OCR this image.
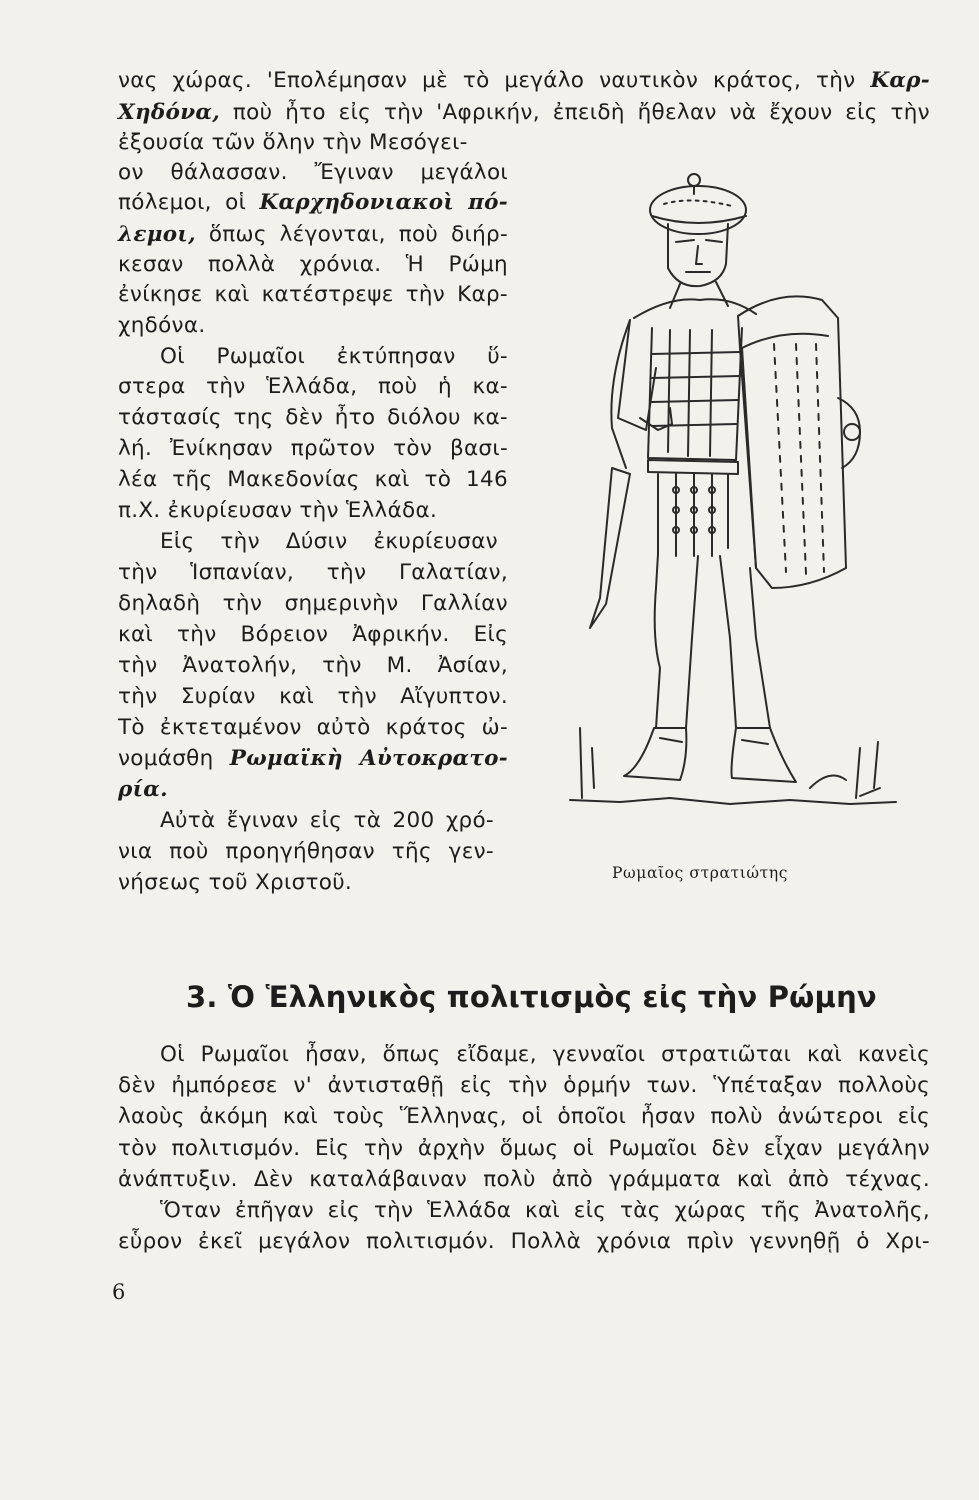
νας χώρας. 'Επολέμησαν μὲ τὸ μεγάλο ναυτικὸν κράτος, τὴν Καρ-
Χηδόνα, ποὺ ἦτο εἰς τὴν 'Αφρικήν, ἐπειδὴ ἤθελαν νὰ ἔχουν εἰς τὴν
ἐξουσία τῶν ὅλην τὴν Μεσόγει-
ον θάλασσαν. Ἔγιναν μεγάλοι
πόλεμοι, οἱ Καρχηδονιακοὶ πό-
λεμοι, ὅπως λέγονται, ποὺ διήρ-
κεσαν πολλὰ χρόνια. Ἡ Ρώμη
ἐνίκησε καὶ κατέστρεψε τὴν Καρ-
χηδόνα.
Οἱ Ρωμαῖοι ἐκτύπησαν ὕ-
στερα τὴν Ἑλλάδα, ποὺ ἡ κα-
τάστασίς της δὲν ἦτο διόλου κα-
λή. Ἐνίκησαν πρῶτον τὸν βασι-
λέα τῆς Μακεδονίας καὶ τὸ 146
π.Χ. ἐκυρίευσαν τὴν Ἑλλάδα.
Εἰς τὴν Δύσιν ἐκυρίευσαν
τὴν Ἱσπανίαν, τὴν Γαλατίαν,
δηλαδὴ τὴν σημερινὴν Γαλλίαν
καὶ τὴν Βόρειον Ἀφρικήν. Εἰς
τὴν Ἀνατολήν, τὴν Μ. Ἀσίαν,
τὴν Συρίαν καὶ τὴν Αἴγυπτον.
Τὸ ἐκτεταμένον αὐτὸ κράτος ὠ-
νομάσθη Ρωμαϊκὴ Αὐτοκρατο-
ρία.
Αὐτὰ ἔγιναν εἰς τὰ 200 χρό-
νια ποὺ προηγήθησαν τῆς γεν-
νήσεως τοῦ Χριστοῦ.	Ρωμαῖος στρατιώτης
3. Ὁ Ἑλληνικὸς πολιτισμὸς εἰς τὴν Ρώμην
Οἱ Ρωμαῖοι ἦσαν, ὅπως εἴδαμε, γενναῖοι στρατιῶται καὶ κανεὶς
δὲν ἠμπόρεσε ν' ἀντισταθῇ εἰς τὴν ὁρμήν των. Ὑπέταξαν πολλοὺς
λαοὺς ἀκόμη καὶ τοὺς Ἕλληνας, οἱ ὁποῖοι ἦσαν πολὺ ἀνώτεροι εἰς
τὸν πολιτισμόν. Εἰς τὴν ἀρχὴν ὅμως οἱ Ρωμαῖοι δὲν εἶχαν μεγάλην
ἀνάπτυξιν. Δὲν καταλάβαιναν πολὺ ἀπὸ γράμματα καὶ ἀπὸ τέχνας.
Ὅταν ἐπῆγαν εἰς τὴν Ἑλλάδα καὶ εἰς τὰς χώρας τῆς Ἀνατολῆς,
εὗρον ἐκεῖ μεγάλον πολιτισμόν. Πολλὰ χρόνια πρὶν γεννηθῇ ὁ Χρι-
6
